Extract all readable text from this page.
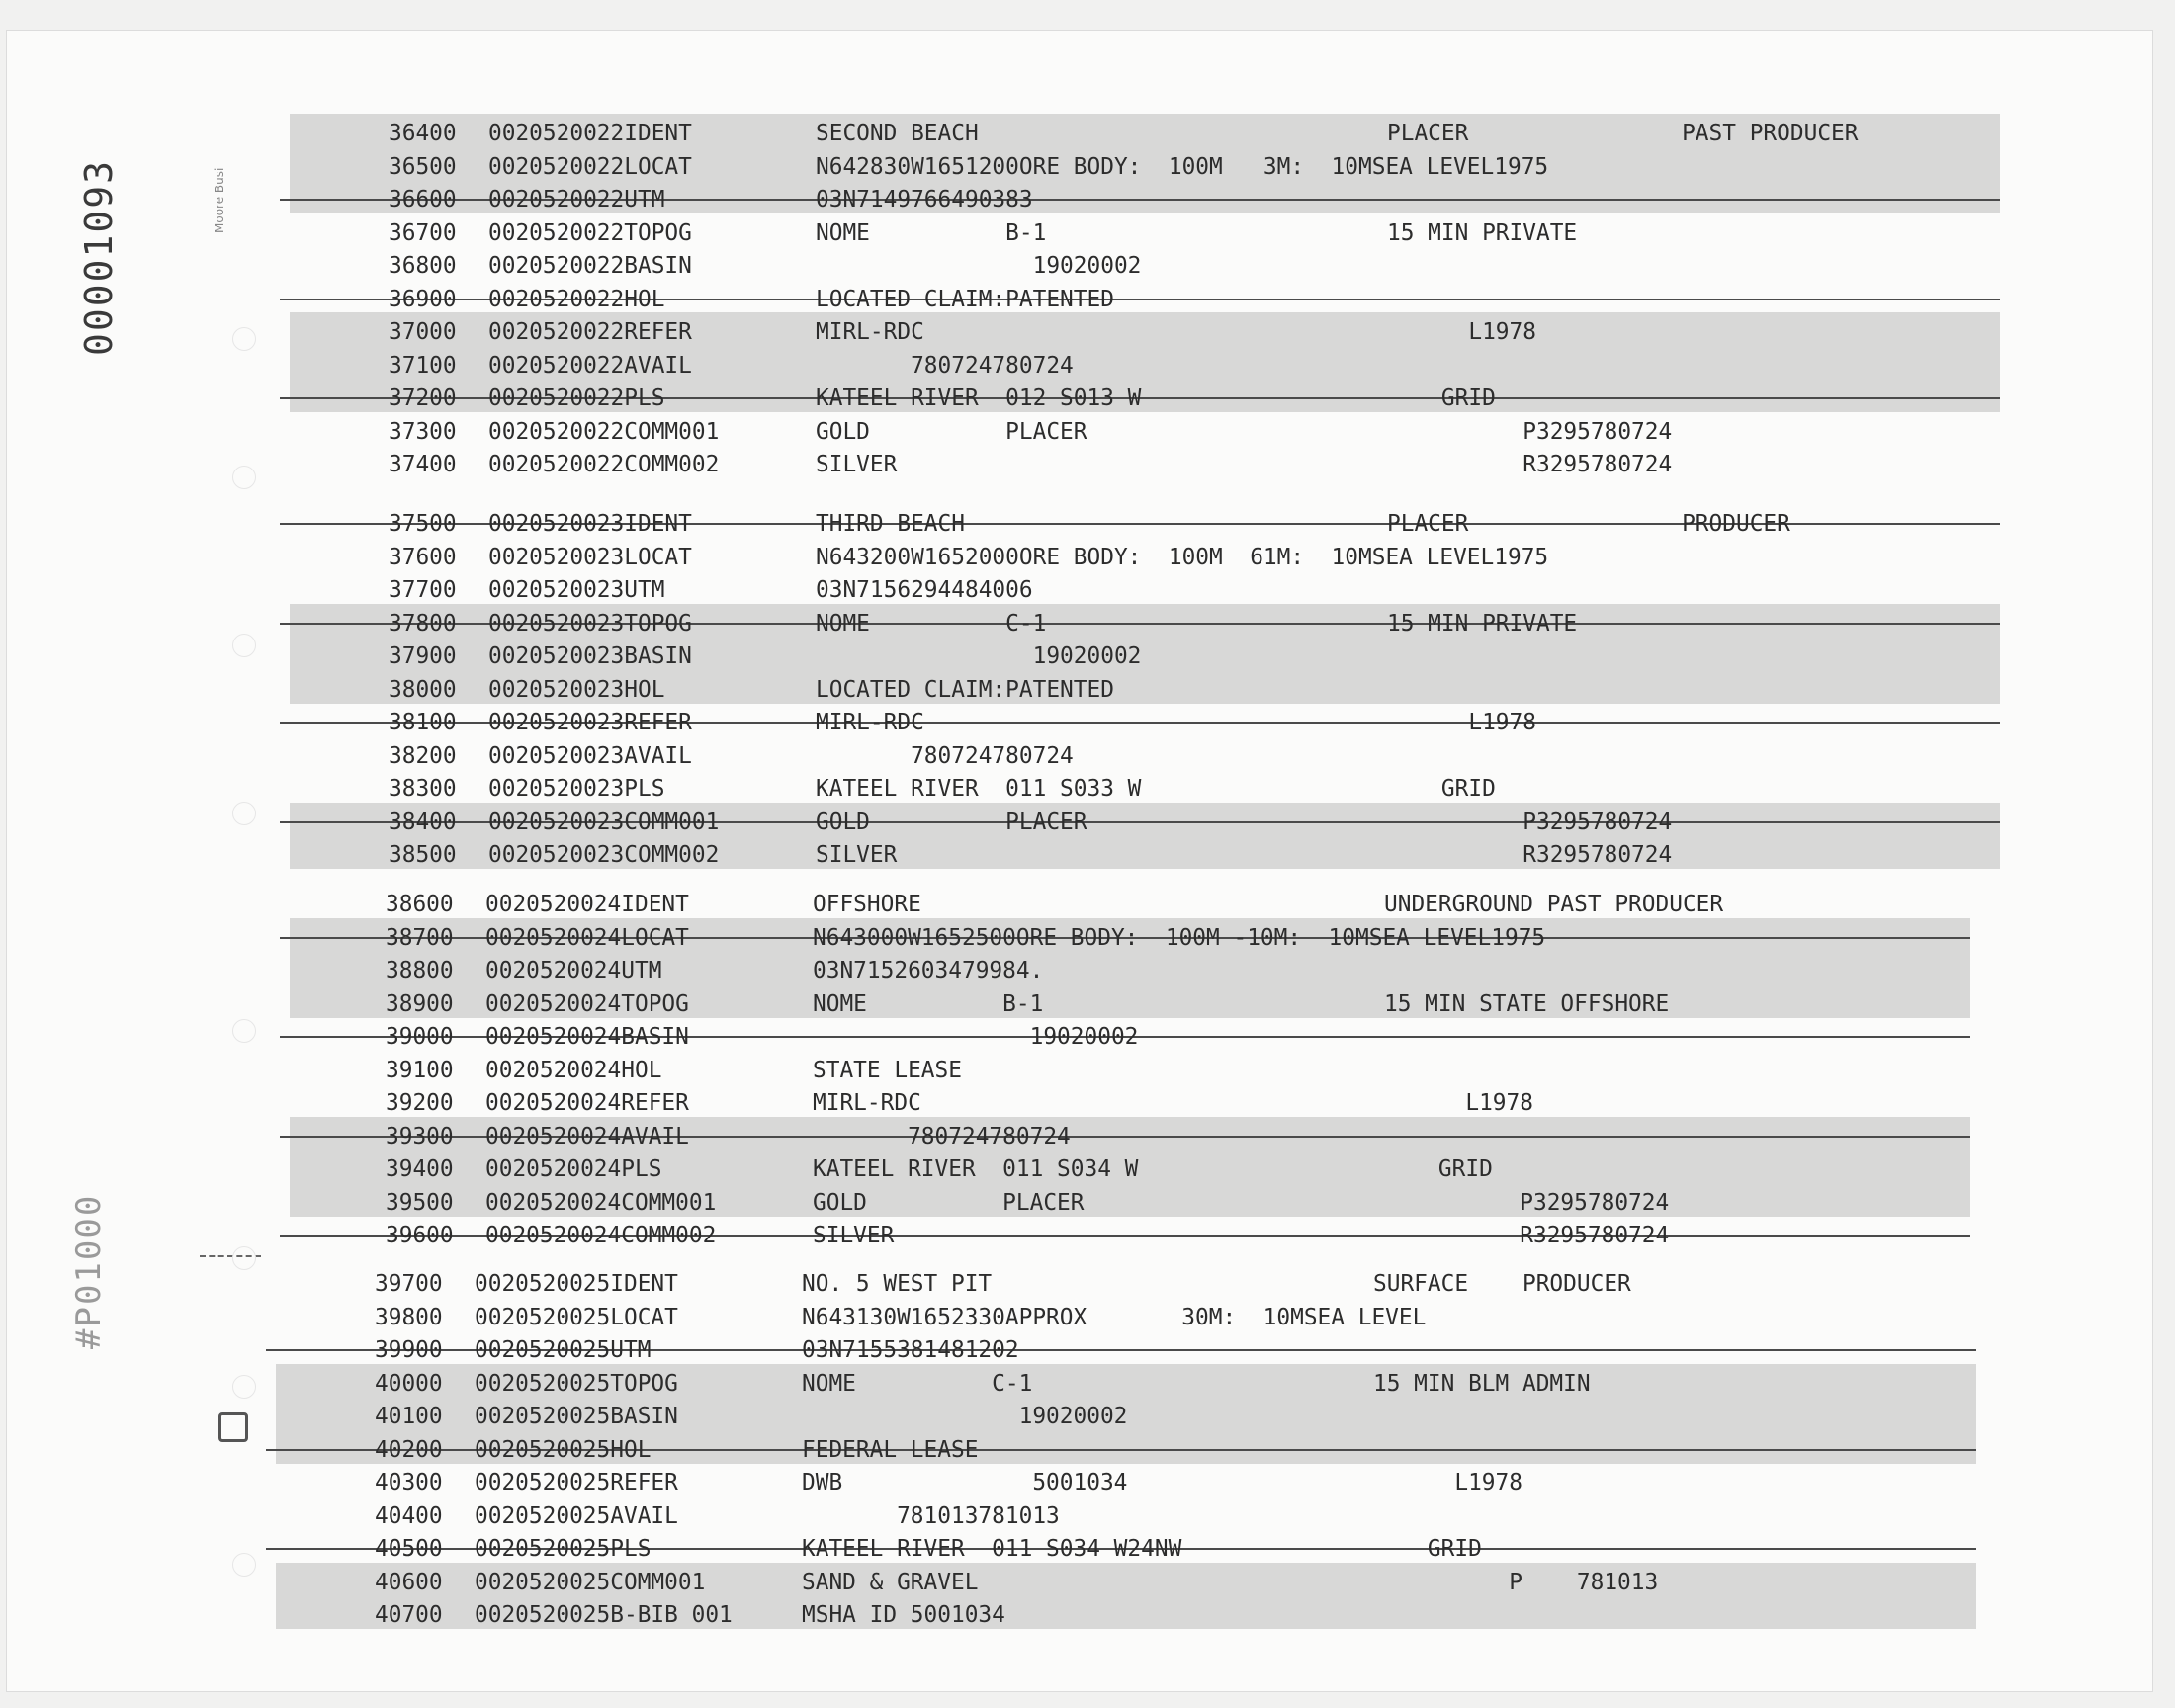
Moore Busi
36400 0020520022IDENT	SECOND BEACH	PLACER	PAST PRODUCER
36500 0020520022LOCAT	N642830W1651200ORE BODY:  100M   3M:  10MSEA LEVEL1975
36600 0020520022UTM	03N7149766490383
36700 0020520022TOPOG	NOME          B-1	15 MIN PRIVATE
36800 0020520022BASIN	19020002
36900 0020520022HOL	LOCATED CLAIM:PATENTED
37000 0020520022REFER	MIRL-RDC	L1978
37100 0020520022AVAIL	780724780724
37200 0020520022PLS	KATEEL RIVER  012 S013 W	GRID
37300 0020520022COMM001	GOLD          PLACER	P3295780724
37400 0020520022COMM002	SILVER	R3295780724
37500 0020520023IDENT	THIRD BEACH	PLACER	PRODUCER
37600 0020520023LOCAT	N643200W1652000ORE BODY:  100M  61M:  10MSEA LEVEL1975
37700 0020520023UTM	03N7156294484006
37800 0020520023TOPOG	NOME          C-1	15 MIN PRIVATE
37900 0020520023BASIN	19020002
38000 0020520023HOL	LOCATED CLAIM:PATENTED
38100 0020520023REFER	MIRL-RDC	L1978
38200 0020520023AVAIL	780724780724
38300 0020520023PLS	KATEEL RIVER  011 S033 W	GRID
38400 0020520023COMM001	GOLD          PLACER	P3295780724
38500 0020520023COMM002	SILVER	R3295780724
38600 0020520024IDENT	OFFSHORE	UNDERGROUND PAST PRODUCER
38700 0020520024LOCAT	N643000W1652500ORE BODY:  100M -10M:  10MSEA LEVEL1975
38800 0020520024UTM	03N7152603479984.
38900 0020520024TOPOG	NOME          B-1	15 MIN STATE OFFSHORE
39000 0020520024BASIN	19020002
39100 0020520024HOL	STATE LEASE
39200 0020520024REFER	MIRL-RDC	L1978
39300 0020520024AVAIL	780724780724
39400 0020520024PLS	KATEEL RIVER  011 S034 W	GRID
39500 0020520024COMM001	GOLD          PLACER	P3295780724
39600 0020520024COMM002	SILVER	R3295780724
39700 0020520025IDENT	NO. 5 WEST PIT	SURFACE    PRODUCER
39800 0020520025LOCAT	N643130W1652330APPROX       30M:  10MSEA LEVEL
39900 0020520025UTM	03N7155381481202
40000 0020520025TOPOG	NOME          C-1	15 MIN BLM ADMIN
40100 0020520025BASIN	19020002
40200 0020520025HOL	FEDERAL LEASE
40300 0020520025REFER	DWB              5001034	L1978
40400 0020520025AVAIL	781013781013
40500 0020520025PLS	KATEEL RIVER  011 S034 W24NW	GRID
40600 0020520025COMM001	SAND & GRAVEL	P    781013
40700 0020520025B-BIB 001	MSHA ID 5001034
00001093
#P01000
